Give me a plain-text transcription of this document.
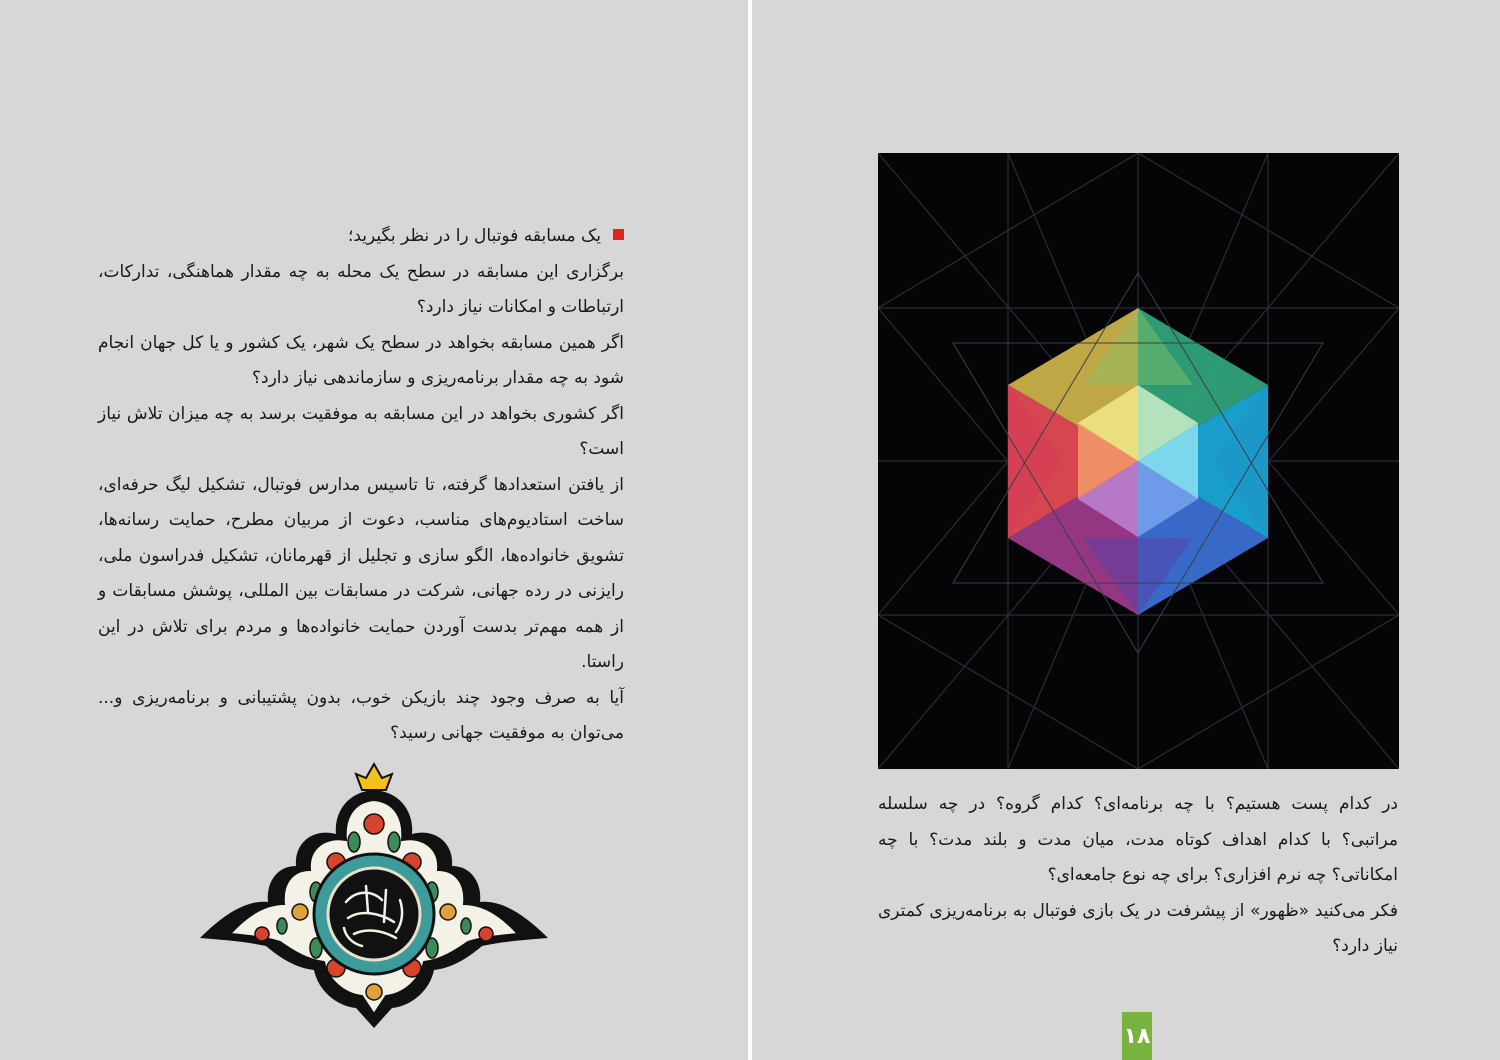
یک مسابقه فوتبال را در نظر بگیرید؛

برگزاری این مسابقه در سطح یک محله به چه مقدار هماهنگی، تدارکات، ارتباطات و امکانات نیاز دارد؟

اگر همین مسابقه بخواهد در سطح یک شهر، یک کشور و یا کل جهان انجام شود به چه مقدار برنامه‌ریزی و سازماندهی نیاز دارد؟

اگر کشوری بخواهد در این مسابقه به موفقیت برسد به چه میزان تلاش نیاز است؟

از یافتن استعدادها گرفته، تا تاسیس مدارس فوتبال، تشکیل لیگ حرفه‌ای، ساخت استادیوم‌های مناسب، دعوت از مربیان مطرح، حمایت رسانه‌ها، تشویق خانواده‌ها، الگو سازی و تجلیل از قهرمانان، تشکیل فدراسون ملی، رایزنی در رده جهانی، شرکت در مسابقات بین المللی، پوشش مسابقات و از همه مهم‌تر بدست آوردن حمایت خانواده‌ها و مردم برای تلاش در این راستا.

آیا به صرف وجود چند بازیکن خوب، بدون پشتیبانی و برنامه‌ریزی و... می‌توان به موفقیت جهانی رسید؟

در کدام پست هستیم؟ با چه برنامه‌ای؟ کدام گروه؟ در چه سلسله مراتبی؟ با کدام اهداف کوتاه مدت، میان مدت و بلند مدت؟ با چه امکاناتی؟ چه نرم افزاری؟ برای چه نوع جامعه‌ای؟

فکر می‌کنید «ظهور» از پیشرفت در یک بازی فوتبال به برنامه‌ریزی کمتری نیاز دارد؟

۱۸
